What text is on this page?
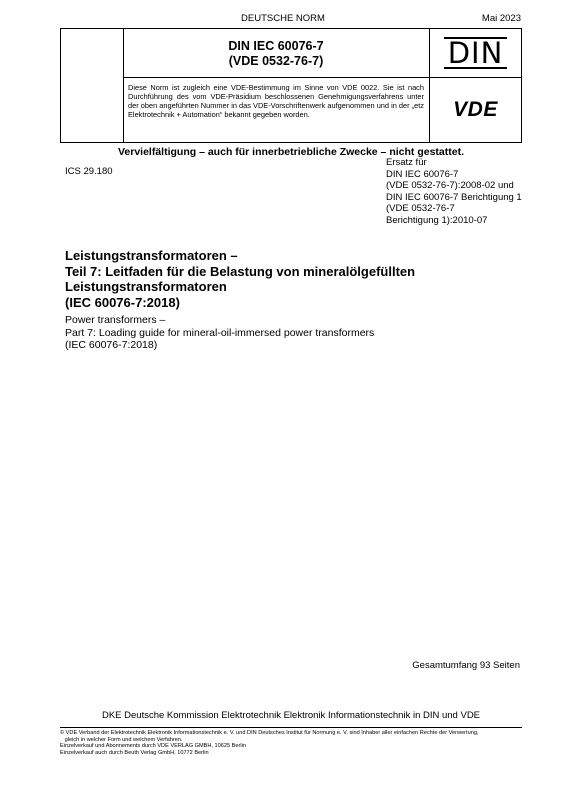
DEUTSCHE NORM	Mai 2023
DIN IEC 60076-7
(VDE 0532-76-7)	DIN
Diese Norm ist zugleich eine VDE-Bestimmung im Sinne von VDE 0022. Sie ist nach Durchführung des vom VDE-Präsidium beschlossenen Genehmigungsverfahrens unter der oben angeführten Nummer in das VDE-Vorschriftenwerk aufgenommen und in der „etz Elektrotechnik + Automation“ bekannt gegeben worden.	VDE
Vervielfältigung – auch für innerbetriebliche Zwecke – nicht gestattet.
ICS 29.180
Ersatz für
DIN IEC 60076-7
(VDE 0532-76-7):2008-02 und
DIN IEC 60076-7 Berichtigung 1
(VDE 0532-76-7
Berichtigung 1):2010-07
Leistungstransformatoren –
Teil 7: Leitfaden für die Belastung von mineralölgefüllten
Leistungstransformatoren
(IEC 60076-7:2018)
Power transformers –
Part 7: Loading guide for mineral-oil-immersed power transformers
(IEC 60076-7:2018)
Gesamtumfang 93 Seiten
DKE Deutsche Kommission Elektrotechnik Elektronik Informationstechnik in DIN und VDE
© VDE Verband der Elektrotechnik Elektronik Informationstechnik e. V. und DIN Deutsches Institut für Normung e. V. sind Inhaber aller einfachen Rechte der Verwertung,
gleich in welcher Form und welchem Verfahren.
Einzelverkauf und Abonnements durch VDE VERLAG GMBH, 10625 Berlin
Einzelverkauf auch durch Beuth Verlag GmbH, 10772 Berlin
